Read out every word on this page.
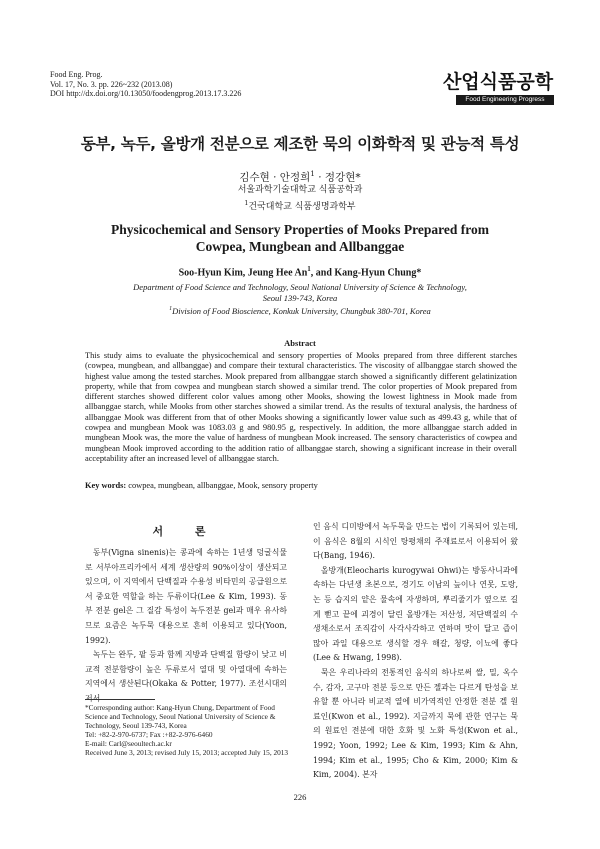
Food Eng. Prog.
Vol. 17, No. 3. pp. 226~232 (2013.08)
DOI http://dx.doi.org/10.13050/foodengprog.2013.17.3.226
산업식품공학
Food Engineering Progress
동부, 녹두, 올방개 전분으로 제조한 묵의 이화학적 및 관능적 특성
김수현 · 안정희$^1$ · 정강현*
서울과학기술대학교 식품공학과
$^1$건국대학교 식품생명과학부
Physicochemical and Sensory Properties of Mooks Prepared from
Cowpea, Mungbean and Allbanggae
Soo-Hyun Kim, Jeung Hee An$^1$, and Kang-Hyun Chung*
Department of Food Science and Technology, Seoul National University of Science & Technology,
Seoul 139-743, Korea
$^1$Division of Food Bioscience, Konkuk University, Chungbuk 380-701, Korea
Abstract
This study aims to evaluate the physicochemical and sensory properties of Mooks prepared from three different starches (cowpea, mungbean, and allbanggae) and compare their textural characteristics. The viscosity of allbanggae starch showed the highest value among the tested starches. Mook prepared from allbanggae starch showed a significantly different gelatinization property, while that from cowpea and mungbean starch showed a similar trend. The color properties of Mook prepared from different starches showed different color values among other Mooks, showing the lowest lightness in Mook made from allbanggae starch, while Mooks from other starches showed a similar trend. As the results of textural analysis, the hardness of allbanggae Mook was different from that of other Mooks showing a significantly lower value such as 499.43 g, while that of cowpea and mungbean Mook was 1083.03 g and 980.95 g, respectively. In addition, the more allbanggae starch added in mungbean Mook was, the more the value of hardness of mungbean Mook increased. The sensory characteristics of cowpea and mungbean Mook improved according to the addition ratio of allbanggae starch, showing a significant increase in their overall acceptability after an increased level of allbanggae starch.
Key words: cowpea, mungbean, allbanggae, Mook, sensory property
서 론

동부(Vigna sinenis)는 콩과에 속하는 1년생 덩굴식물로 서부아프리카에서 세계 생산량의 90%이상이 생산되고 있으며, 이 지역에서 단백질과 수용성 비타민의 공급원으로서 중요한 역할을 하는 두류이다(Lee & Kim, 1993). 동부 전분 gel은 그 질감 특성이 녹두전분 gel과 매우 유사하므로 요즘은 녹두묵 대용으로 흔히 이용되고 있다(Yoon, 1992).

녹두는 완두, 팥 등과 함께 지방과 단백질 함량이 낮고 비교적 전분함량이 높은 두류로서 열대 및 아열대에 속하는 지역에서 생산된다(Okaka & Potter, 1977). 조선시대의 저서

인 음식 디미방에서 녹두묵을 만드는 법이 기록되어 있는데, 이 음식은 8월의 시식인 탕평채의 주재료로서 이용되어 왔다(Bang, 1946).

올방개(Eleocharis kurogywai Ohwi)는 방동사니과에 속하는 다년생 초본으로, 경기도 이남의 늪이나 연못, 도랑, 논 등 습지의 얕은 물속에 자생하며, 뿌리줄기가 옆으로 길게 뻗고 끝에 괴경이 달린 올방개는 저산성, 저단백질의 수생채소로서 조직감이 사각사각하고 연하며 맛이 달고 즙이 많아 과일 대용으로 생식할 경우 해갈, 청량, 이뇨에 좋다(Lee & Hwang, 1998).

묵은 우리나라의 전통적인 음식의 하나로써 쌀, 밀, 옥수수, 감자, 고구마 전분 등으로 만든 젤과는 다르게 탄성을 보유할 뿐 아니라 비교적 열에 비가역적인 안정한 전분 겔 원료인(Kwon et al., 1992). 지금까지 묵에 관한 연구는 묵의 원료인 전분에 대한 호화 및 노화 특성(Kwon et al., 1992; Yoon, 1992; Lee & Kim, 1993; Kim & Ahn, 1994; Kim et al., 1995; Cho & Kim, 2000; Kim & Kim, 2004). 본자

*Corresponding author: Kang-Hyun Chung, Department of Food Science and Technology, Seoul National University of Science & Technology, Seoul 139-743, Korea
Tel: +82-2-970-6737; Fax :+82-2-976-6460
E-mail: Carl@seoultech.ac.kr
Received June 3, 2013; revised July 15, 2013; accepted July 15, 2013
226
